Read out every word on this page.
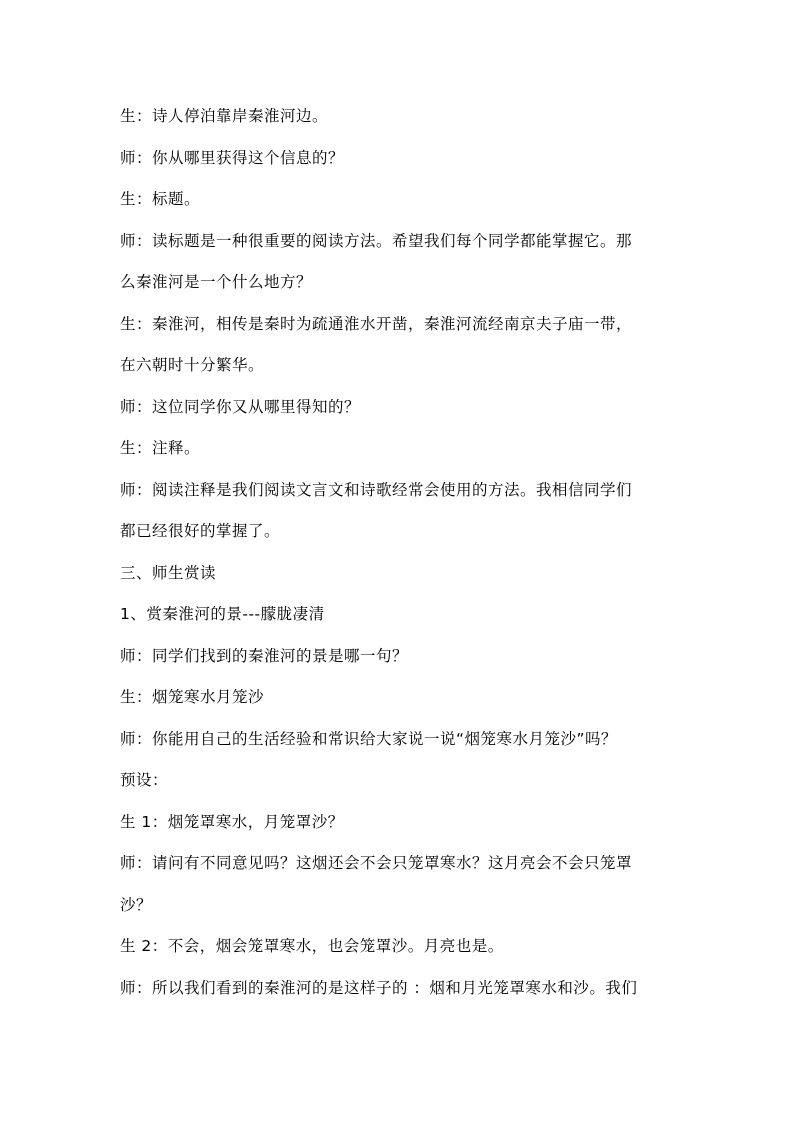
生：诗人停泊靠岸秦淮河边。
师：你从哪里获得这个信息的？
生：标题。
师：读标题是一种很重要的阅读方法。希望我们每个同学都能掌握它。那
么秦淮河是一个什么地方？
生：秦淮河，相传是秦时为疏通淮水开凿，秦淮河流经南京夫子庙一带，
在六朝时十分繁华。
师：这位同学你又从哪里得知的？
生：注释。
师：阅读注释是我们阅读文言文和诗歌经常会使用的方法。我相信同学们
都已经很好的掌握了。
三、师生赏读
1、赏秦淮河的景---朦胧凄清
师：同学们找到的秦淮河的景是哪一句？
生：烟笼寒水月笼沙
师：你能用自己的生活经验和常识给大家说一说“烟笼寒水月笼沙”吗？
预设：
生 1：烟笼罩寒水，月笼罩沙？
师：请问有不同意见吗？这烟还会不会只笼罩寒水？这月亮会不会只笼罩
沙？
生 2：不会，烟会笼罩寒水，也会笼罩沙。月亮也是。
师：所以我们看到的秦淮河的是这样子的 ：烟和月光笼罩寒水和沙。我们
